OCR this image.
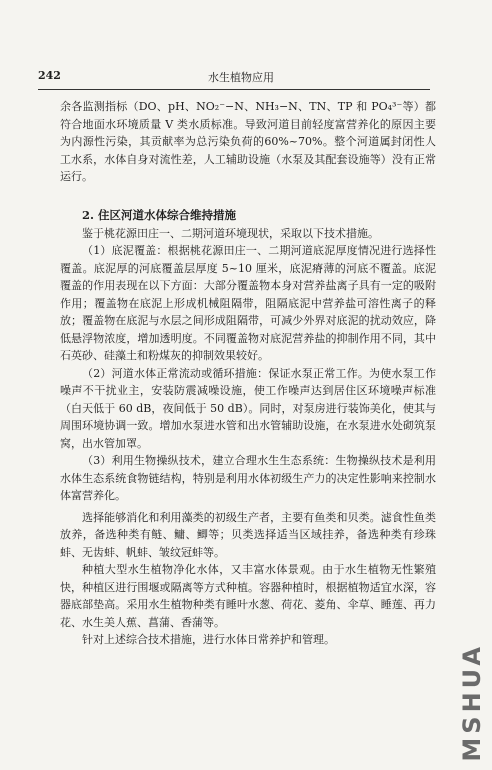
242	水生植物应用

余各监测指标（DO、pH、NO₂⁻−N、NH₃−N、TN、TP 和 PO₄³⁻等）都符合地面水环境质量 V 类水质标准。导致河道目前轻度富营养化的原因主要为内源性污染，其贡献率为总污染负荷的60%~70%。整个河道属封闭性人工水系，水体自身对流性差，人工辅助设施（水泵及其配套设施等）没有正常运行。

2. 住区河道水体综合维持措施

鉴于桃花源田庄一、二期河道环境现状，采取以下技术措施。

（1）底泥覆盖：根据桃花源田庄一、二期河道底泥厚度情况进行选择性覆盖。底泥厚的河底覆盖层厚度 5~10 厘米，底泥瘠薄的河底不覆盖。底泥覆盖的作用表现在以下方面：大部分覆盖物本身对营养盐离子具有一定的吸附作用；覆盖物在底泥上形成机械阻隔带，阻隔底泥中营养盐可溶性离子的释放；覆盖物在底泥与水层之间形成阻隔带，可减少外界对底泥的扰动效应，降低悬浮物浓度，增加透明度。不同覆盖物对底泥营养盐的抑制作用不同，其中石英砂、硅藻土和粉煤灰的抑制效果较好。

（2）河道水体正常流动或循环措施：保证水泵正常工作。为使水泵工作噪声不干扰业主，安装防震减噪设施，使工作噪声达到居住区环境噪声标准（白天低于 60 dB，夜间低于 50 dB）。同时，对泵房进行装饰美化，使其与周围环境协调一致。增加水泵进水管和出水管辅助设施，在水泵进水处砌筑泵窝，出水管加罩。

（3）利用生物操纵技术，建立合理水生生态系统：生物操纵技术是利用水体生态系统食物链结构，特别是利用水体初级生产力的决定性影响来控制水体富营养化。

选择能够消化和利用藻类的初级生产者，主要有鱼类和贝类。滤食性鱼类放养，备选种类有鲢、鳙、鲫等；贝类选择适当区域挂养，备选种类有珍珠蚌、无齿蚌、帆蚌、皱纹冠蚌等。

种植大型水生植物净化水体，又丰富水体景观。由于水生植物无性繁殖快，种植区进行围堰或隔离等方式种植。容器种植时，根据植物适宜水深，容器底部垫高。采用水生植物种类有睡叶水葱、荷花、菱角、伞草、睡莲、再力花、水生美人蕉、菖蒲、香蒲等。

针对上述综合技术措施，进行水体日常养护和管理。

MSHUA
